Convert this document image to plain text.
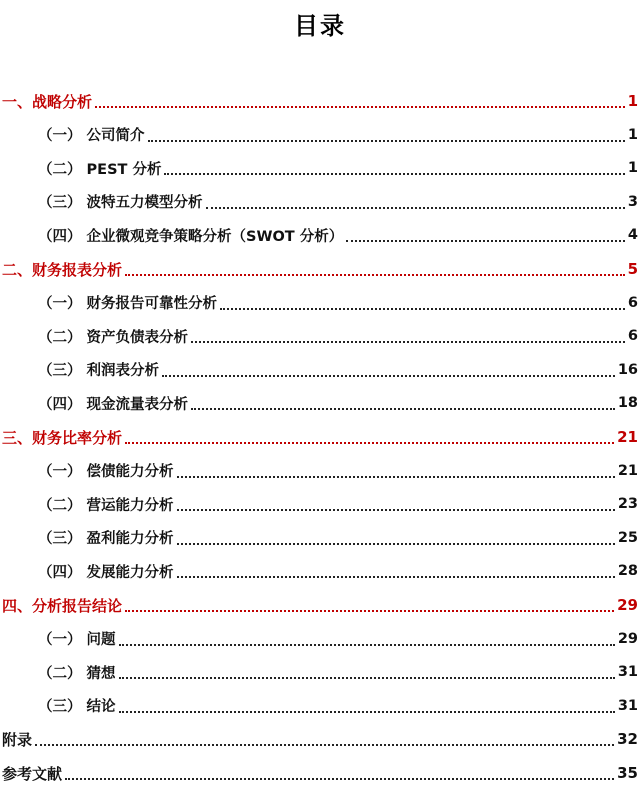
目录
一、战略分析	1
（一） 公司简介	1
（二） PEST 分析	1
（三） 波特五力模型分析	3
（四） 企业微观竞争策略分析（SWOT 分析）	4
二、财务报表分析	5
（一） 财务报告可靠性分析	6
（二） 资产负债表分析	6
（三） 利润表分析	16
（四） 现金流量表分析	18
三、财务比率分析	21
（一） 偿债能力分析	21
（二） 营运能力分析	23
（三） 盈利能力分析	25
（四） 发展能力分析	28
四、分析报告结论	29
（一） 问题	29
（二） 猜想	31
（三） 结论	31
附录	32
参考文献	35
